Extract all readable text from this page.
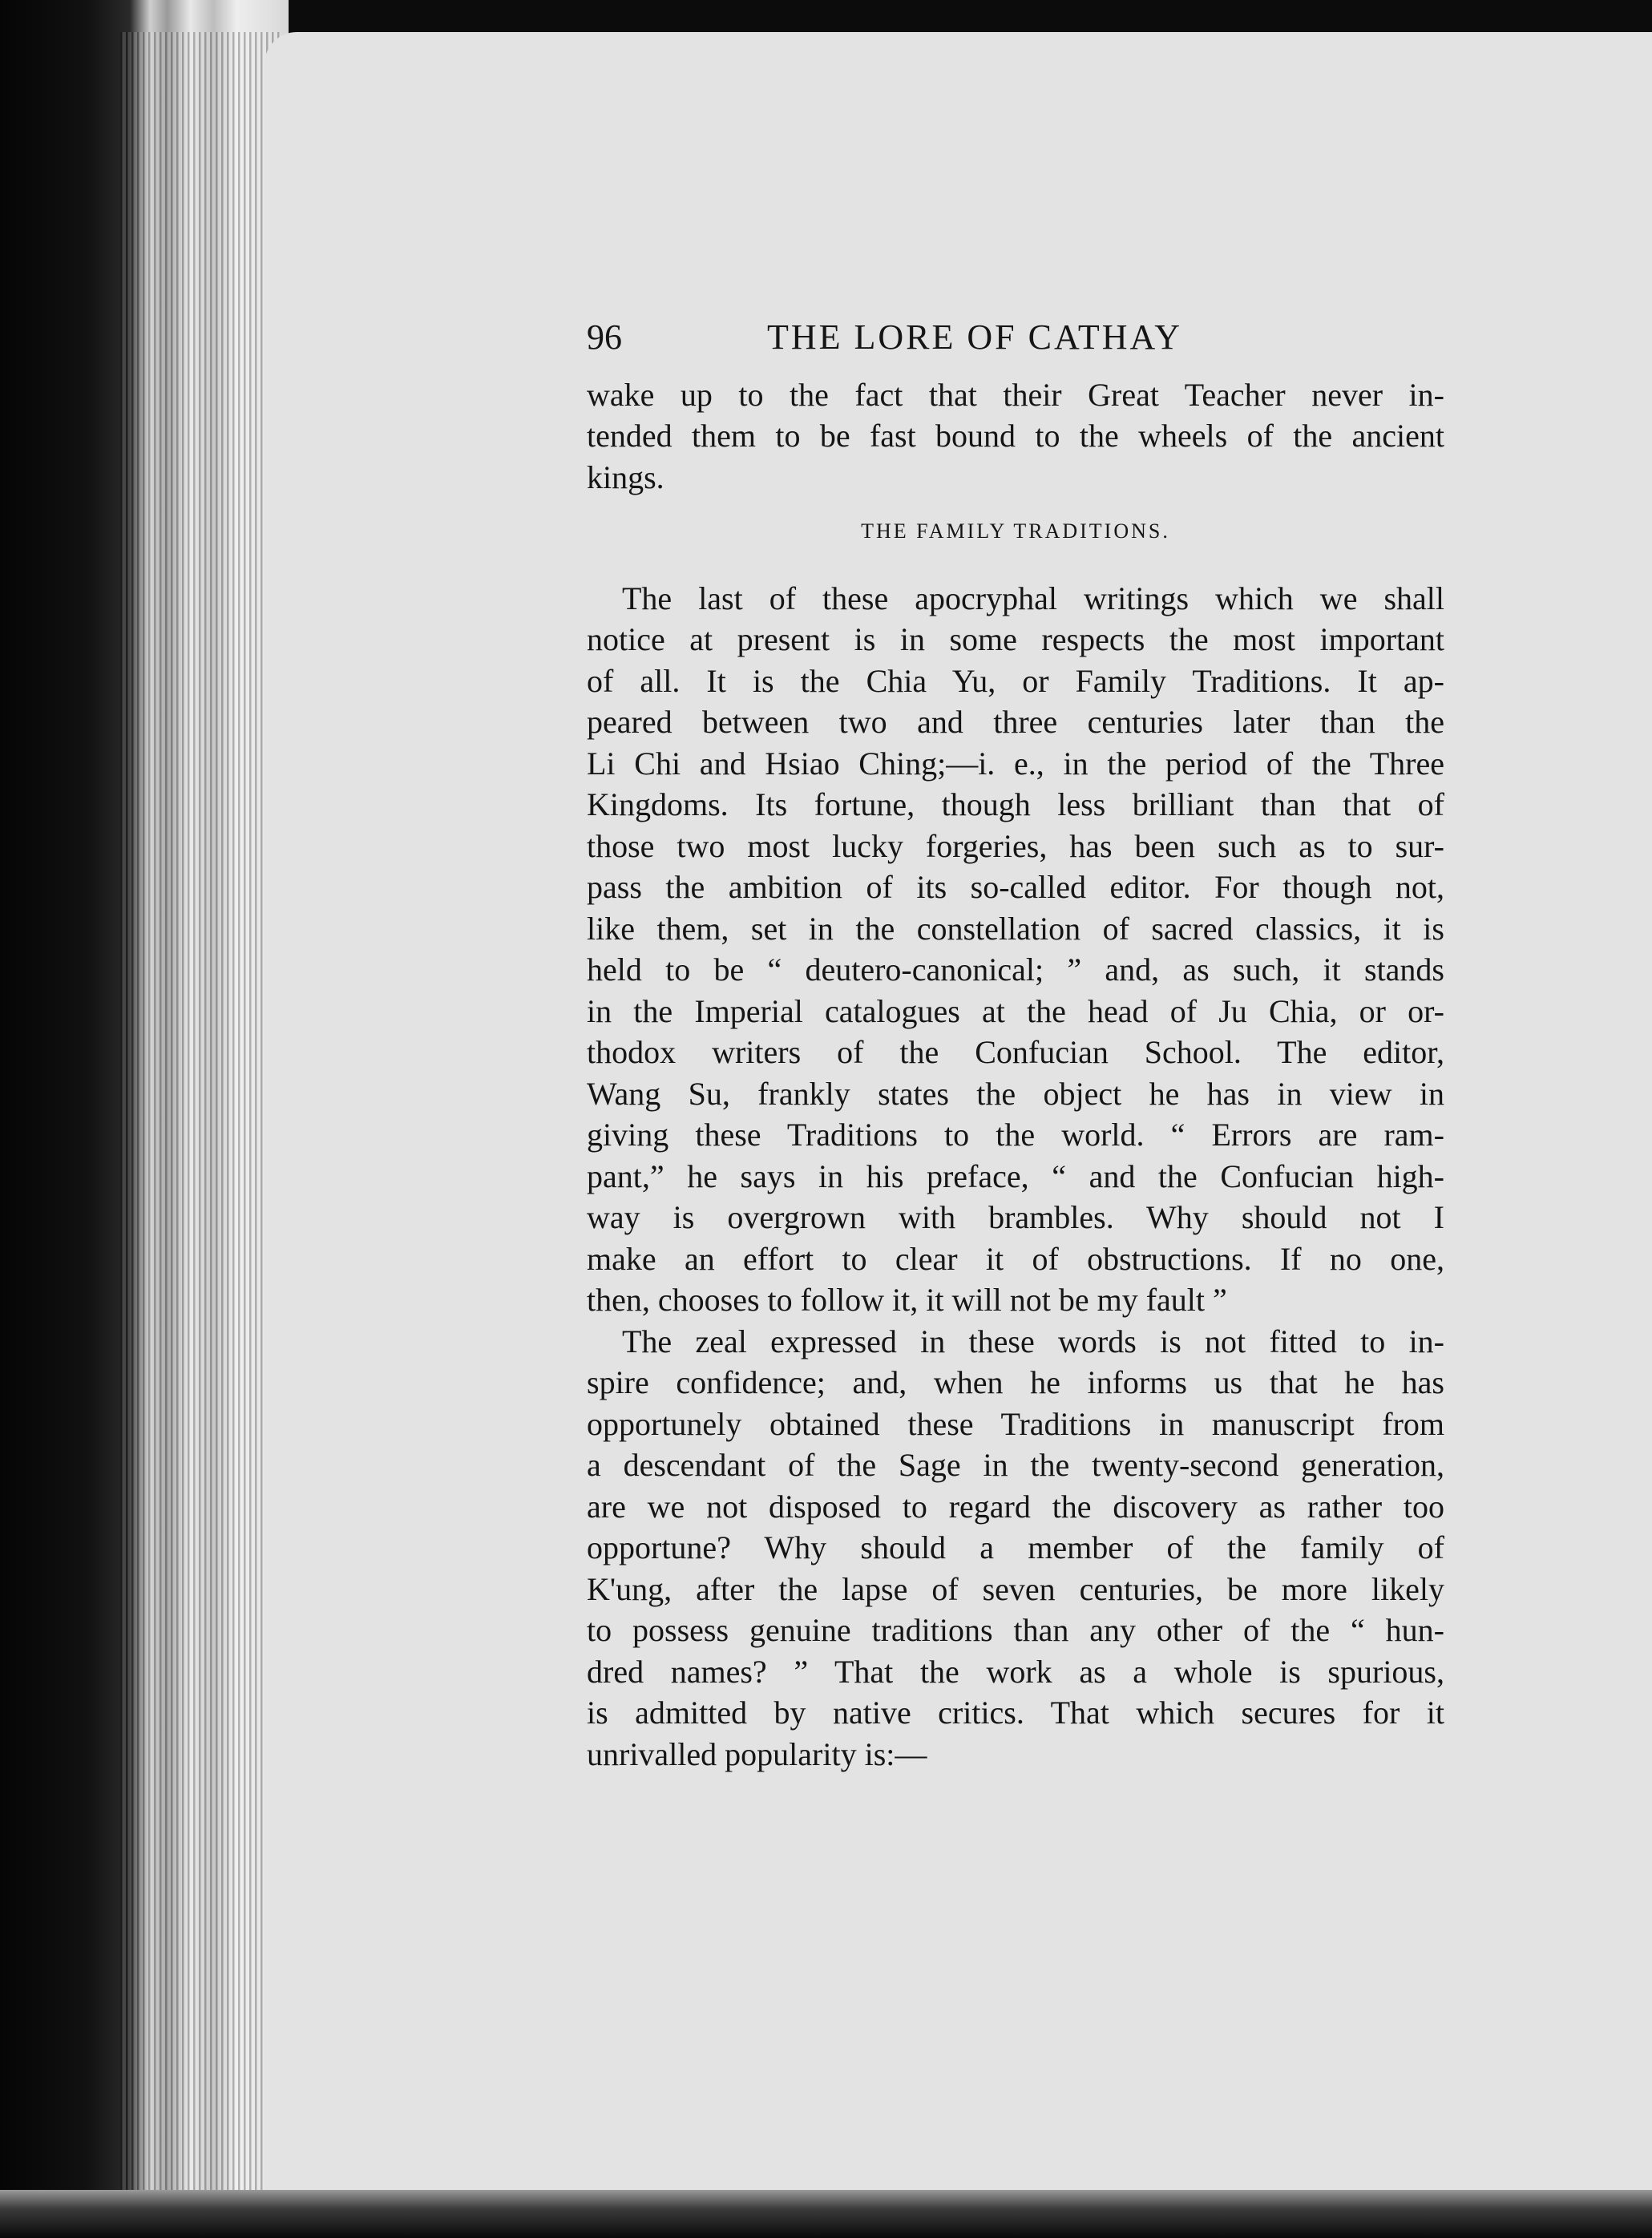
96	THE LORE OF CATHAY

wake up to the fact that their Great Teacher never in-
tended them to be fast bound to the wheels of the ancient
kings.

THE FAMILY TRADITIONS.

The last of these apocryphal writings which we shall
notice at present is in some respects the most important
of all. It is the Chia Yu, or Family Traditions. It ap-
peared between two and three centuries later than the
Li Chi and Hsiao Ching;—i. e., in the period of the Three
Kingdoms. Its fortune, though less brilliant than that of
those two most lucky forgeries, has been such as to sur-
pass the ambition of its so-called editor. For though not,
like them, set in the constellation of sacred classics, it is
held to be “ deutero-canonical; ” and, as such, it stands
in the Imperial catalogues at the head of Ju Chia, or or-
thodox writers of the Confucian School. The editor,
Wang Su, frankly states the object he has in view in
giving these Traditions to the world. “ Errors are ram-
pant,” he says in his preface, “ and the Confucian high-
way is overgrown with brambles. Why should not I
make an effort to clear it of obstructions. If no one,
then, chooses to follow it, it will not be my fault ”

The zeal expressed in these words is not fitted to in-
spire confidence; and, when he informs us that he has
opportunely obtained these Traditions in manuscript from
a descendant of the Sage in the twenty-second generation,
are we not disposed to regard the discovery as rather too
opportune? Why should a member of the family of
K'ung, after the lapse of seven centuries, be more likely
to possess genuine traditions than any other of the “ hun-
dred names? ” That the work as a whole is spurious,
is admitted by native critics. That which secures for it
unrivalled popularity is:—
